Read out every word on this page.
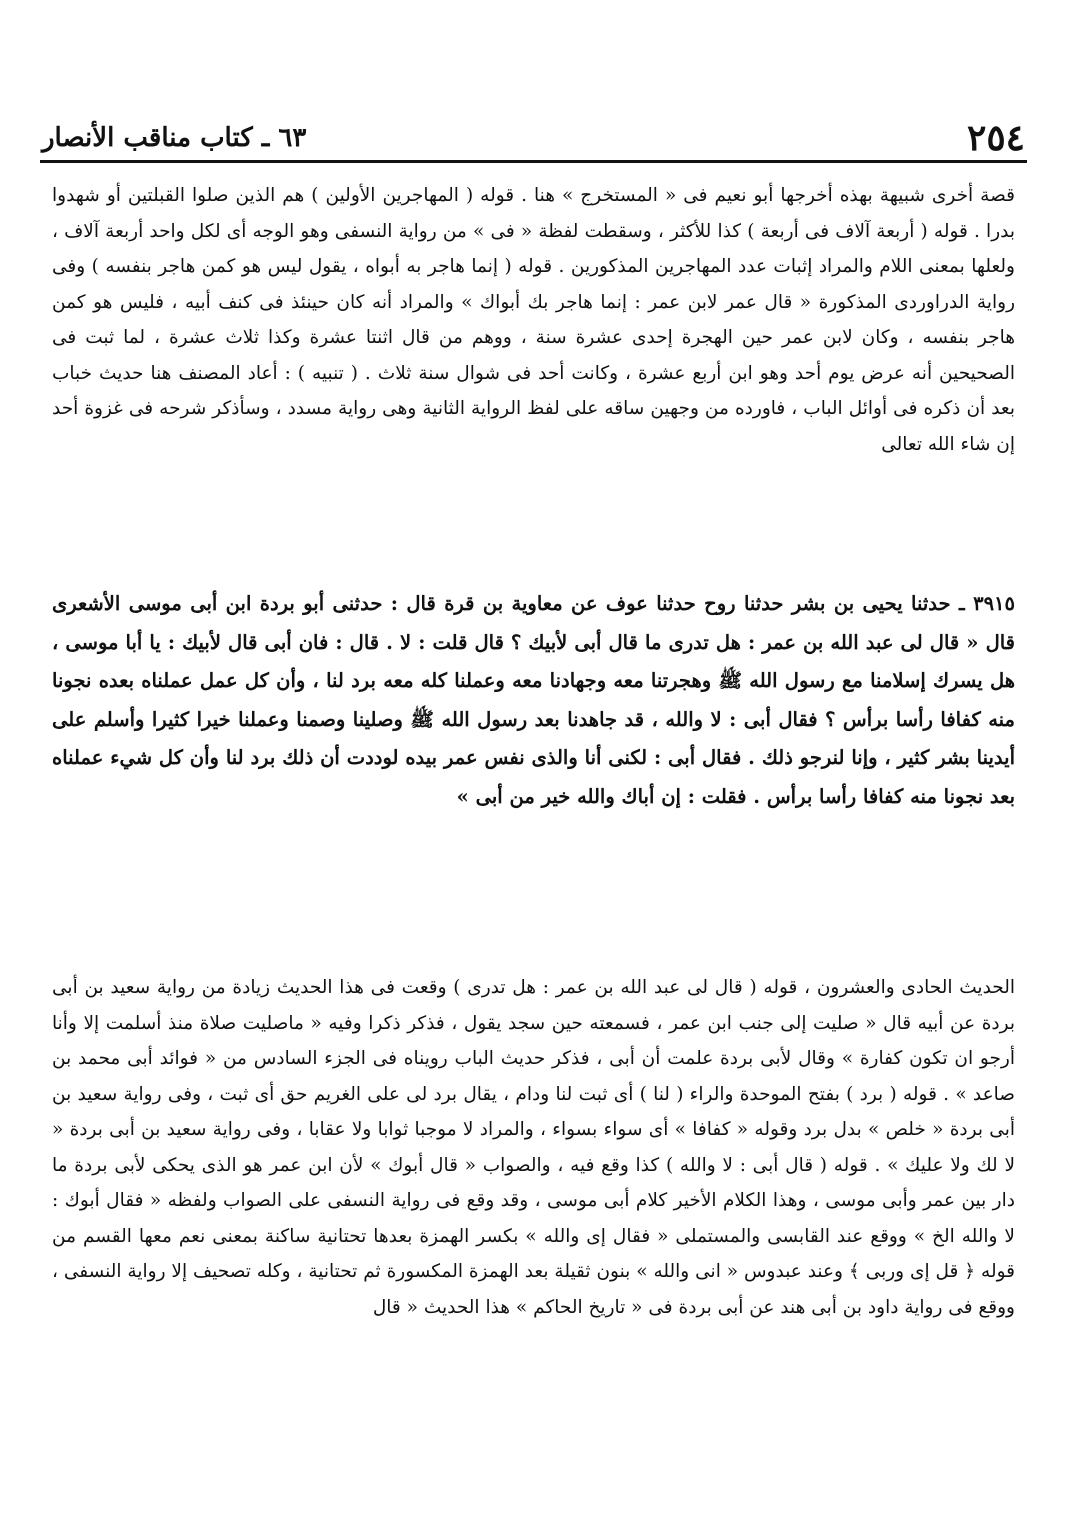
٢٥٤
٦٣ ـ كتاب مناقب الأنصار

قصة أخرى شبيهة بهذه أخرجها أبو نعيم فى « المستخرج » هنا . قوله ( المهاجرين الأولين ) هم الذين صلوا القبلتين أو شهدوا بدرا . قوله ( أربعة آلاف فى أربعة ) كذا للأكثر ، وسقطت لفظة « فى » من رواية النسفى وهو الوجه أى لكل واحد أربعة آلاف ، ولعلها بمعنى اللام والمراد إثبات عدد المهاجرين المذكورين . قوله ( إنما هاجر به أبواه ، يقول ليس هو كمن هاجر بنفسه ) وفى رواية الدراوردى المذكورة « قال عمر لابن عمر : إنما هاجر بك أبواك » والمراد أنه كان حينئذ فى كنف أبيه ، فليس هو كمن هاجر بنفسه ، وكان لابن عمر حين الهجرة إحدى عشرة سنة ، ووهم من قال اثنتا عشرة وكذا ثلاث عشرة ، لما ثبت فى الصحيحين أنه عرض يوم أحد وهو ابن أربع عشرة ، وكانت أحد فى شوال سنة ثلاث . ( تنبيه ) : أعاد المصنف هنا حديث خباب بعد أن ذكره فى أوائل الباب ، فاورده من وجهين ساقه على لفظ الرواية الثانية وهى رواية مسدد ، وسأذكر شرحه فى غزوة أحد إن شاء الله تعالى

٣٩١٥ ـ حدثنا يحيى بن بشر حدثنا روح حدثنا عوف عن معاوية بن قرة قال : حدثنى أبو بردة ابن أبى موسى الأشعرى قال « قال لى عبد الله بن عمر : هل تدرى ما قال أبى لأبيك ؟ قال قلت : لا . قال : فان أبى قال لأبيك : يا أبا موسى ، هل يسرك إسلامنا مع رسول الله ﷺ وهجرتنا معه وجهادنا معه وعملنا كله معه برد لنا ، وأن كل عمل عملناه بعده نجونا منه كفافا رأسا برأس ؟ فقال أبى : لا والله ، قد جاهدنا بعد رسول الله ﷺ وصلينا وصمنا وعملنا خيرا كثيرا وأسلم على أيدينا بشر كثير ، وإنا لنرجو ذلك . فقال أبى : لكنى أنا والذى نفس عمر بيده لوددت أن ذلك برد لنا وأن كل شيء عملناه بعد نجونا منه كفافا رأسا برأس . فقلت : إن أباك والله خير من أبى »

الحديث الحادى والعشرون ، قوله ( قال لى عبد الله بن عمر : هل تدرى ) وقعت فى هذا الحديث زيادة من رواية سعيد بن أبى بردة عن أبيه قال « صليت إلى جنب ابن عمر ، فسمعته حين سجد يقول ، فذكر ذكرا وفيه « ماصليت صلاة منذ أسلمت إلا وأنا أرجو ان تكون كفارة » وقال لأبى بردة علمت أن أبى ، فذكر حديث الباب رويناه فى الجزء السادس من « فوائد أبى محمد بن صاعد » . قوله ( برد ) بفتح الموحدة والراء ( لنا ) أى ثبت لنا ودام ، يقال برد لى على الغريم حق أى ثبت ، وفى رواية سعيد بن أبى بردة « خلص » بدل برد وقوله « كفافا » أى سواء بسواء ، والمراد لا موجبا ثوابا ولا عقابا ، وفى رواية سعيد بن أبى بردة « لا لك ولا عليك » . قوله ( قال أبى : لا والله ) كذا وقع فيه ، والصواب « قال أبوك » لأن ابن عمر هو الذى يحكى لأبى بردة ما دار بين عمر وأبى موسى ، وهذا الكلام الأخير كلام أبى موسى ، وقد وقع فى رواية النسفى على الصواب ولفظه « فقال أبوك : لا والله الخ » ووقع عند القابسى والمستملى « فقال إى والله » بكسر الهمزة بعدها تحتانية ساكنة بمعنى نعم معها القسم من قوله ﴿ قل إى وربى ﴾ وعند عبدوس « انى والله » بنون ثقيلة بعد الهمزة المكسورة ثم تحتانية ، وكله تصحيف إلا رواية النسفى ، ووقع فى رواية داود بن أبى هند عن أبى بردة فى « تاريخ الحاكم » هذا الحديث « قال
